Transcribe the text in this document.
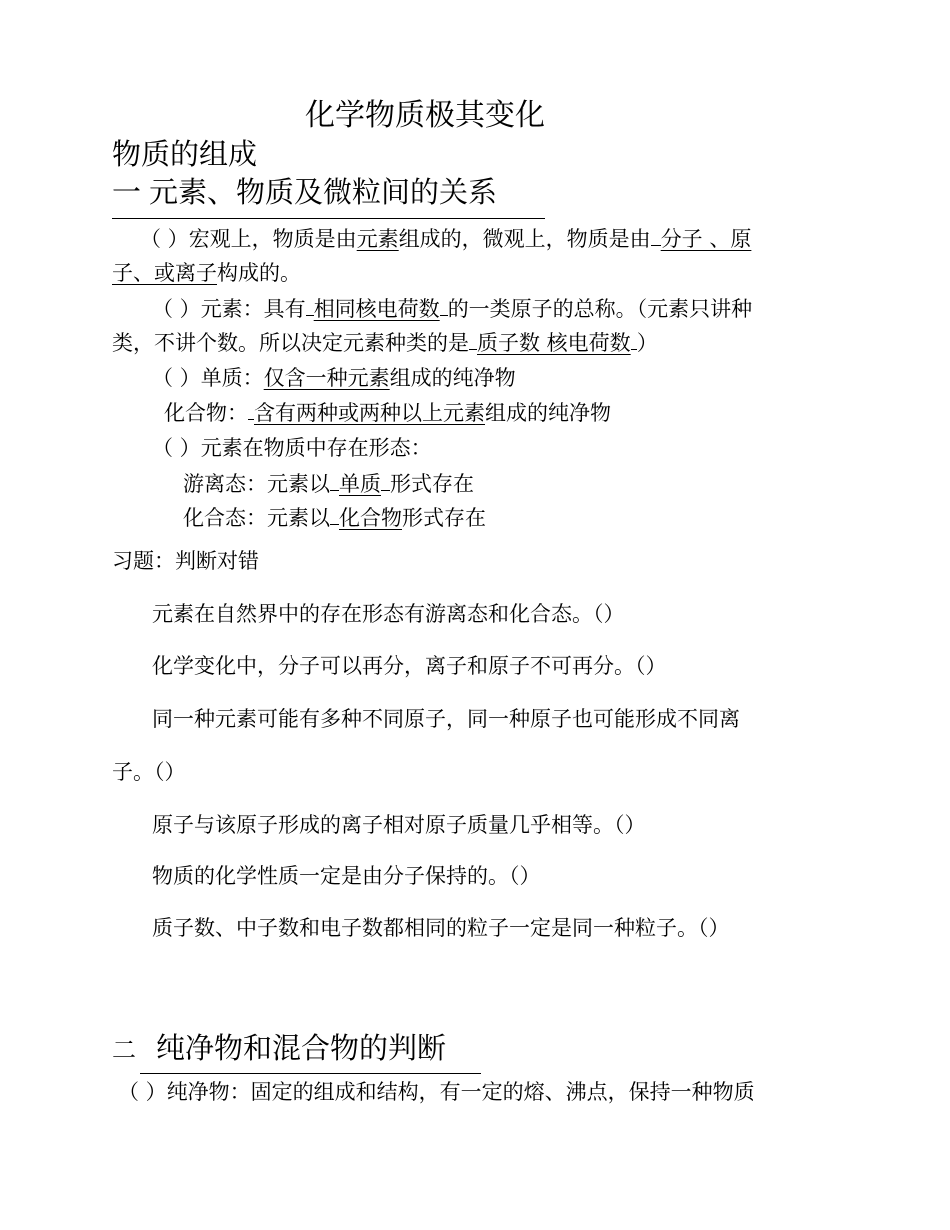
化学物质极其变化
物质的组成
一 元素、物质及微粒间的关系
（ ）宏观上，物质是由元素组成的，微观上，物质是由 分子 、原
子、或离子构成的。
（ ）元素：具有 相同核电荷数 的一类原子的总称。（元素只讲种
类，不讲个数。所以决定元素种类的是 质子数 核电荷数 ）
（ ）单质：仅含一种元素组成的纯净物
化合物： 含有两种或两种以上元素组成的纯净物
（ ）元素在物质中存在形态：
游离态：元素以 单质 形式存在
化合态：元素以 化合物形式存在
习题：判断对错
元素在自然界中的存在形态有游离态和化合态。（）
化学变化中，分子可以再分，离子和原子不可再分。（）
同一种元素可能有多种不同原子，同一种原子也可能形成不同离
子。（）
原子与该原子形成的离子相对原子质量几乎相等。（）
物质的化学性质一定是由分子保持的。（）
质子数、中子数和电子数都相同的粒子一定是同一种粒子。（）
二 纯净物和混合物的判断
（ ）纯净物：固定的组成和结构，有一定的熔、沸点，保持一种物质
